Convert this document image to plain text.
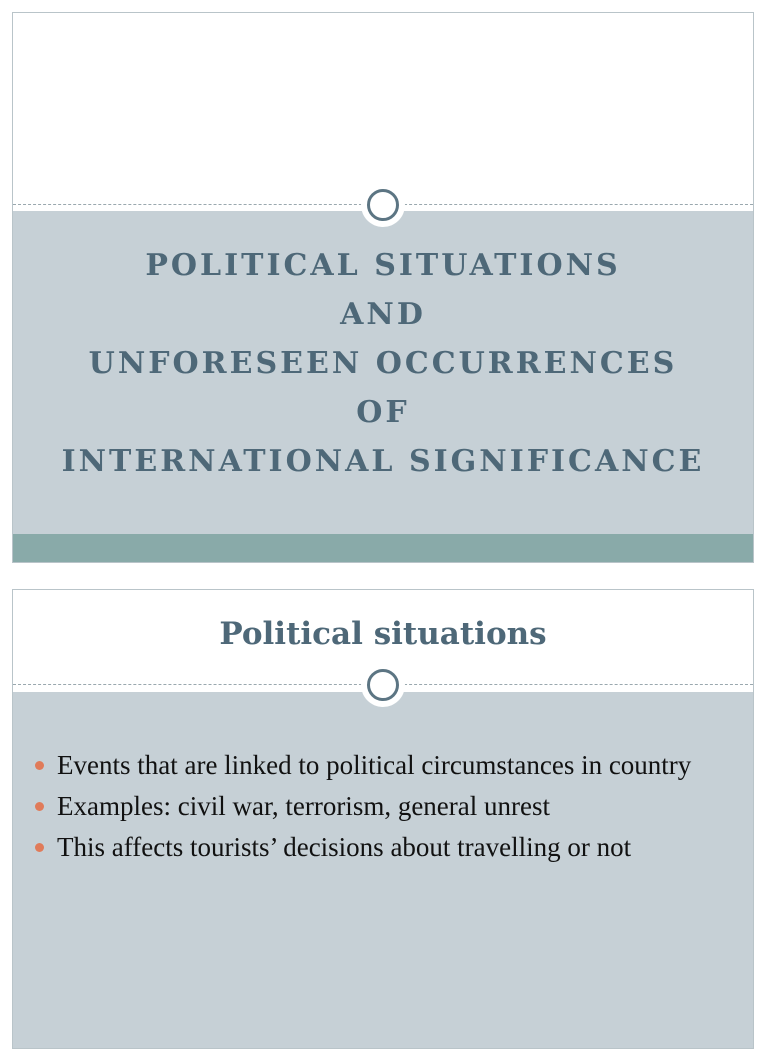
POLITICAL SITUATIONS
AND
UNFORESEEN OCCURRENCES
OF
INTERNATIONAL SIGNIFICANCE
Political situations
Events that are linked to political circumstances in country
Examples: civil war, terrorism, general unrest
This affects tourists’ decisions about travelling or not
